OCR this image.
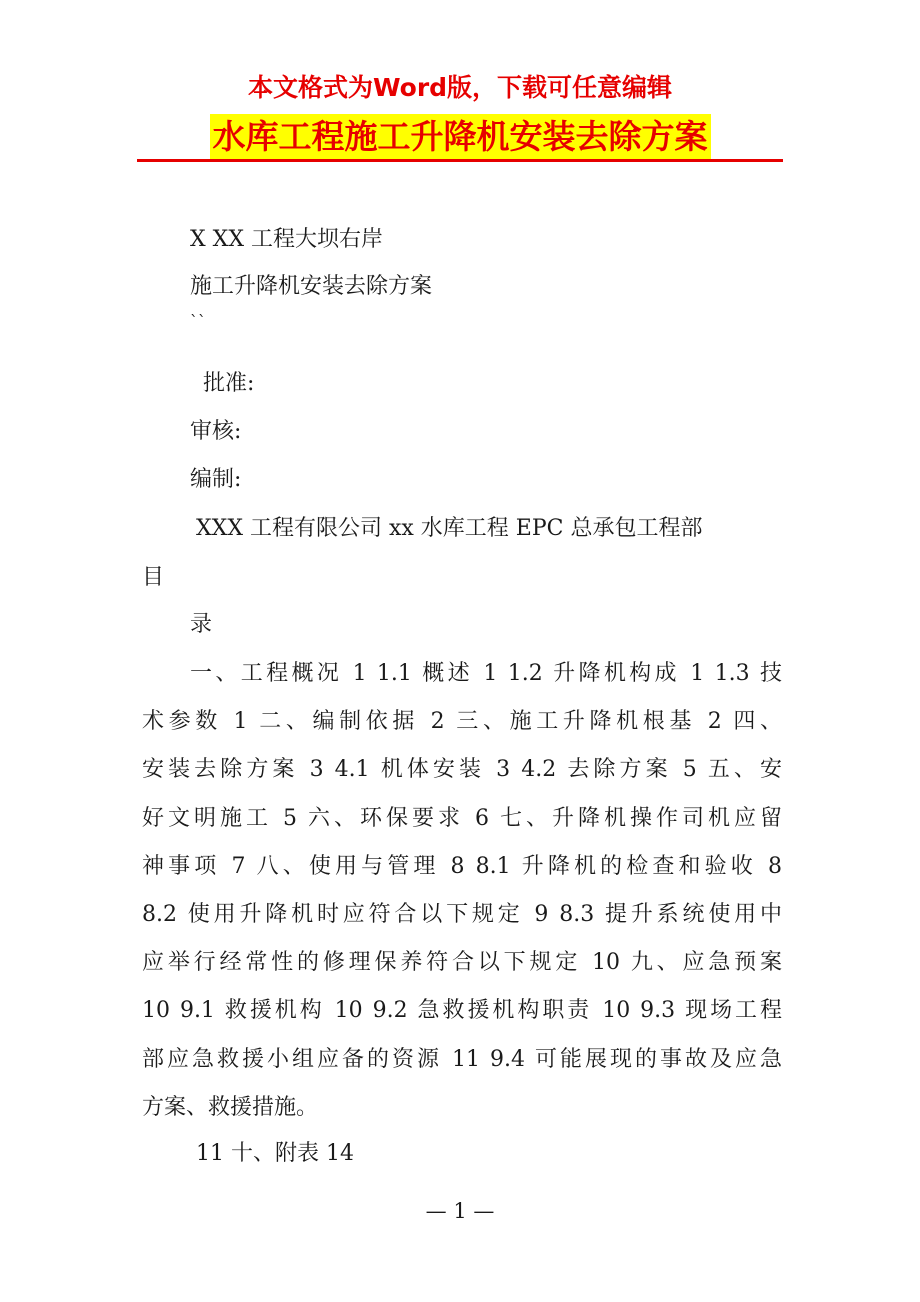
本文格式为Word版，下载可任意编辑
水库工程施工升降机安装去除方案
X XX 工程大坝右岸
施工升降机安装去除方案
``
批准:
审核:
编制:
XXX 工程有限公司 xx 水库工程 EPC 总承包工程部
目
录
一、工程概况 1 1.1 概述 1 1.2 升降机构成 1 1.3 技
术参数 1 二、编制依据 2 三、施工升降机根基 2 四、
安装去除方案 3 4.1 机体安装 3 4.2 去除方案 5 五、安
好文明施工 5 六、环保要求 6 七、升降机操作司机应留
神事项 7 八、使用与管理 8 8.1 升降机的检查和验收 8
8.2 使用升降机时应符合以下规定 9 8.3 提升系统使用中
应举行经常性的修理保养符合以下规定 10 九、应急预案
10 9.1 救援机构 10 9.2 急救援机构职责 10 9.3 现场工程
部应急救援小组应备的资源 11 9.4 可能展现的事故及应急
方案、救援措施。
11 十、附表 14
— 1 —
